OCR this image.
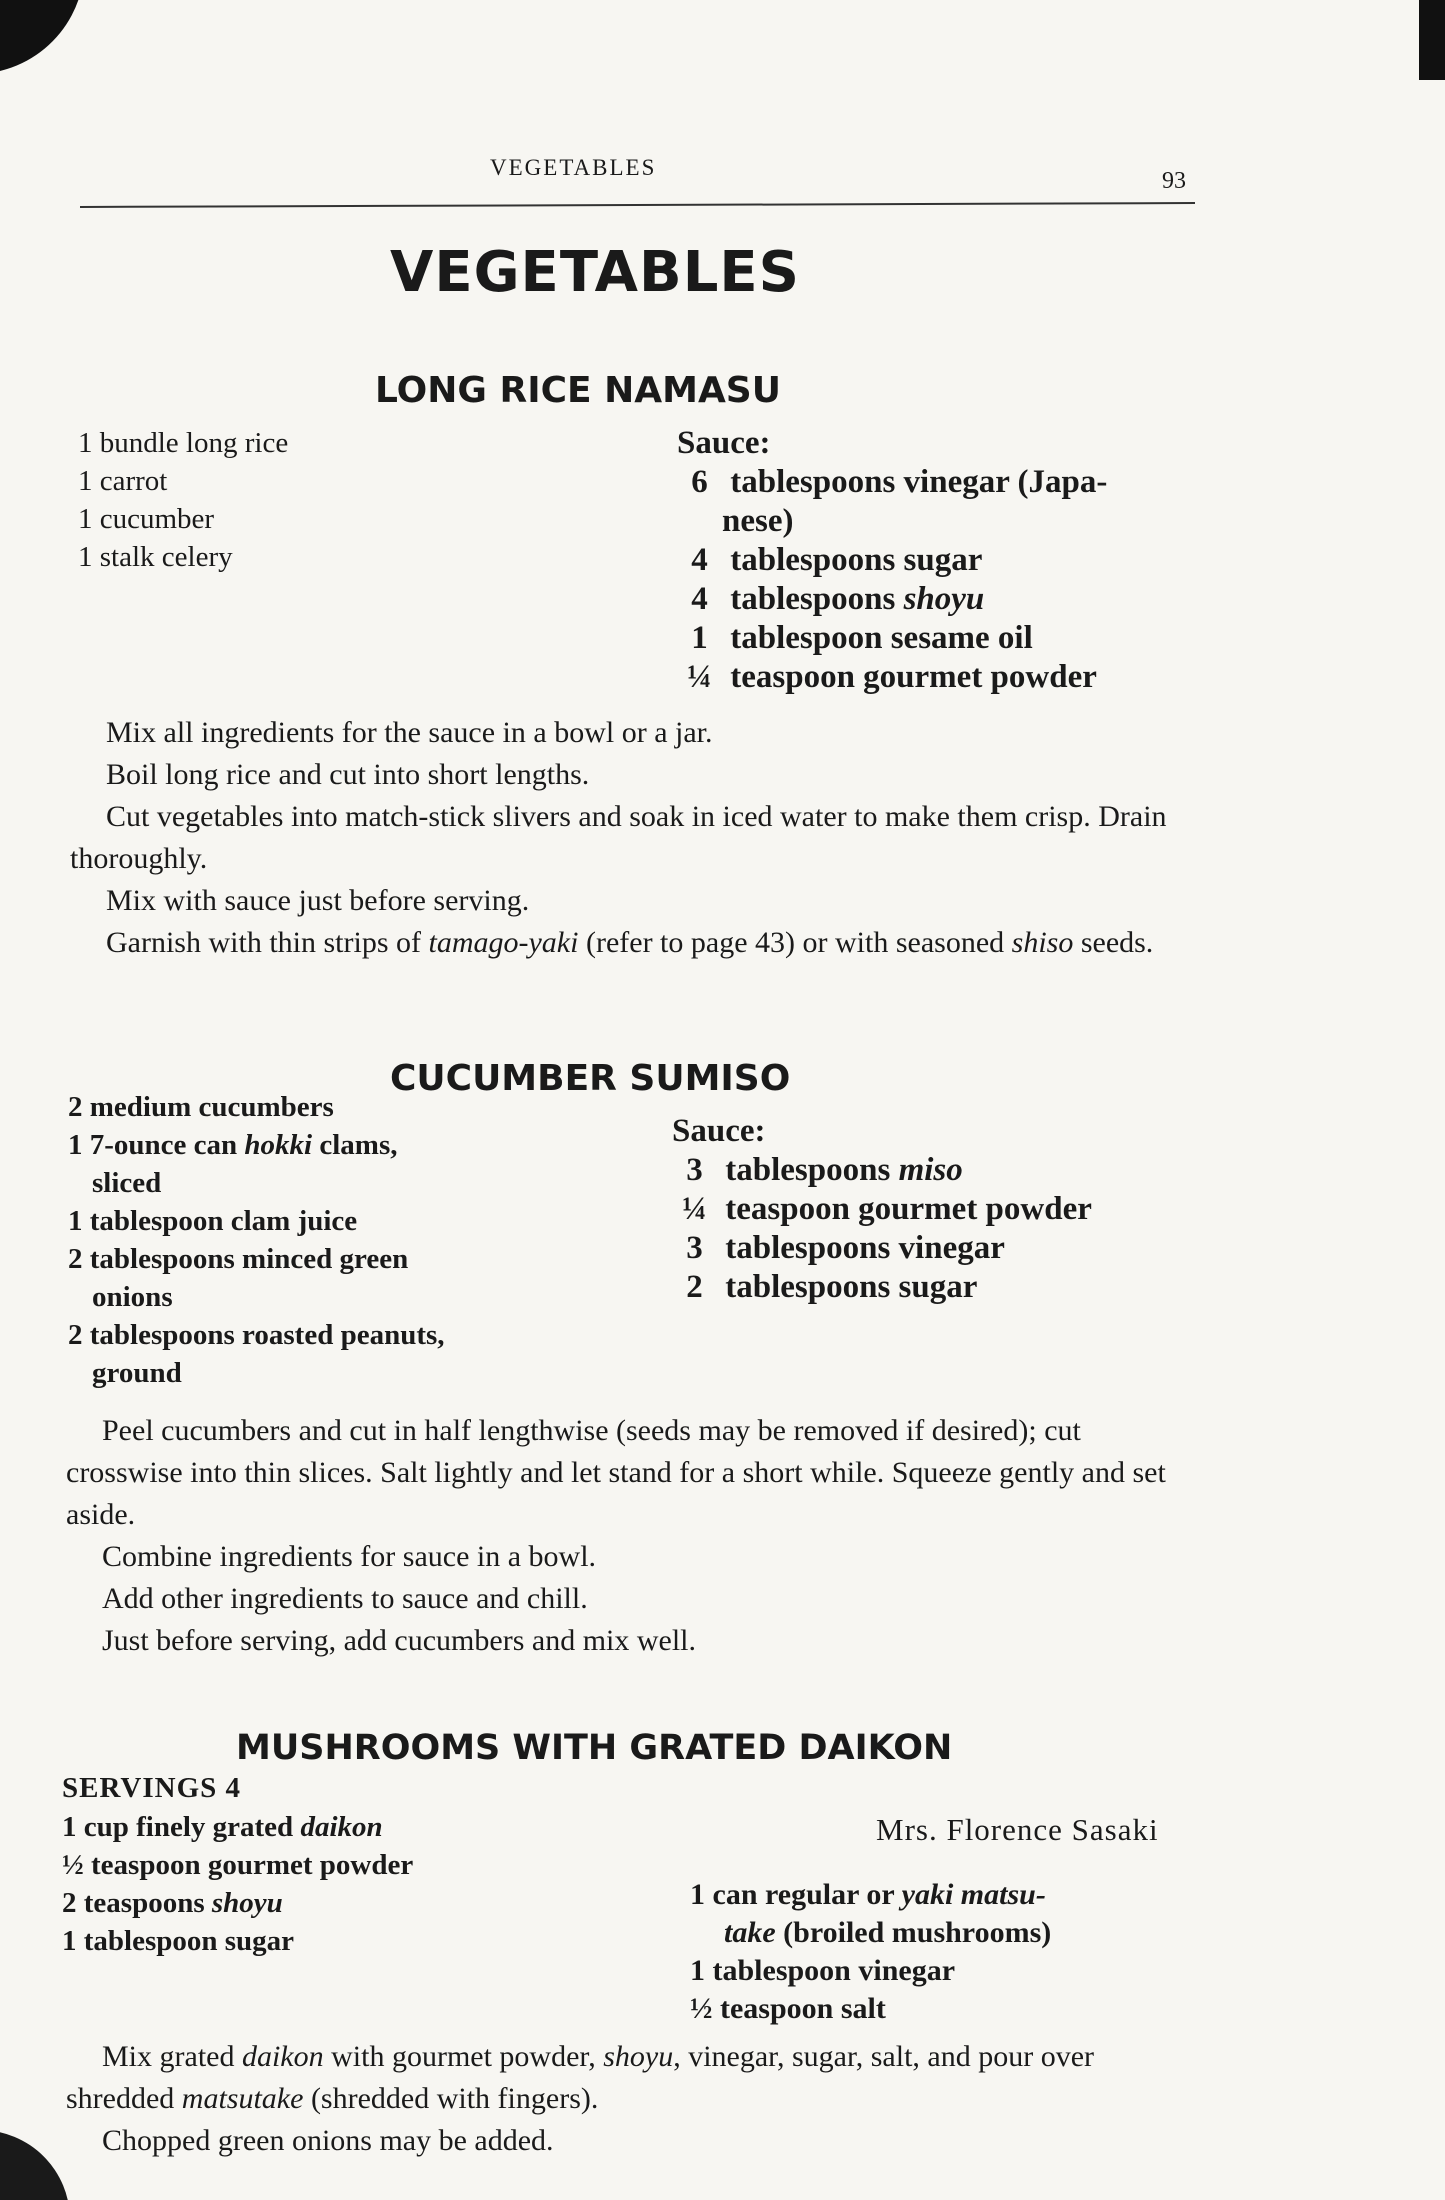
VEGETABLES
93
VEGETABLES
LONG RICE NAMASU
1 bundle long rice
1 carrot
1 cucumber
1 stalk celery
Sauce:
6 tablespoons vinegar (Japa-
nese)
4 tablespoons sugar
4 tablespoons shoyu
1 tablespoon sesame oil
¼ teaspoon gourmet powder

Mix all ingredients for the sauce in a bowl or a jar.

Boil long rice and cut into short lengths.

Cut vegetables into match-stick slivers and soak in iced water to make them crisp. Drain thoroughly.

Mix with sauce just before serving.

Garnish with thin strips of tamago-yaki (refer to page 43) or with seasoned shiso seeds.

CUCUMBER SUMISO
2 medium cucumbers
1 7-ounce can hokki clams,
sliced
1 tablespoon clam juice
2 tablespoons minced green
onions
2 tablespoons roasted peanuts,
ground
Sauce:
3 tablespoons miso
¼ teaspoon gourmet powder
3 tablespoons vinegar
2 tablespoons sugar

Peel cucumbers and cut in half lengthwise (seeds may be removed if desired); cut crosswise into thin slices. Salt lightly and let stand for a short while. Squeeze gently and set aside.

Combine ingredients for sauce in a bowl.

Add other ingredients to sauce and chill.

Just before serving, add cucumbers and mix well.

MUSHROOMS WITH GRATED DAIKON
SERVINGS 4
Mrs. Florence Sasaki
1 cup finely grated daikon
½ teaspoon gourmet powder
2 teaspoons shoyu
1 tablespoon sugar
1 can regular or yaki matsu-
take (broiled mushrooms)
1 tablespoon vinegar
½ teaspoon salt

Mix grated daikon with gourmet powder, shoyu, vinegar, sugar, salt, and pour over shredded matsutake (shredded with fingers).

Chopped green onions may be added.
